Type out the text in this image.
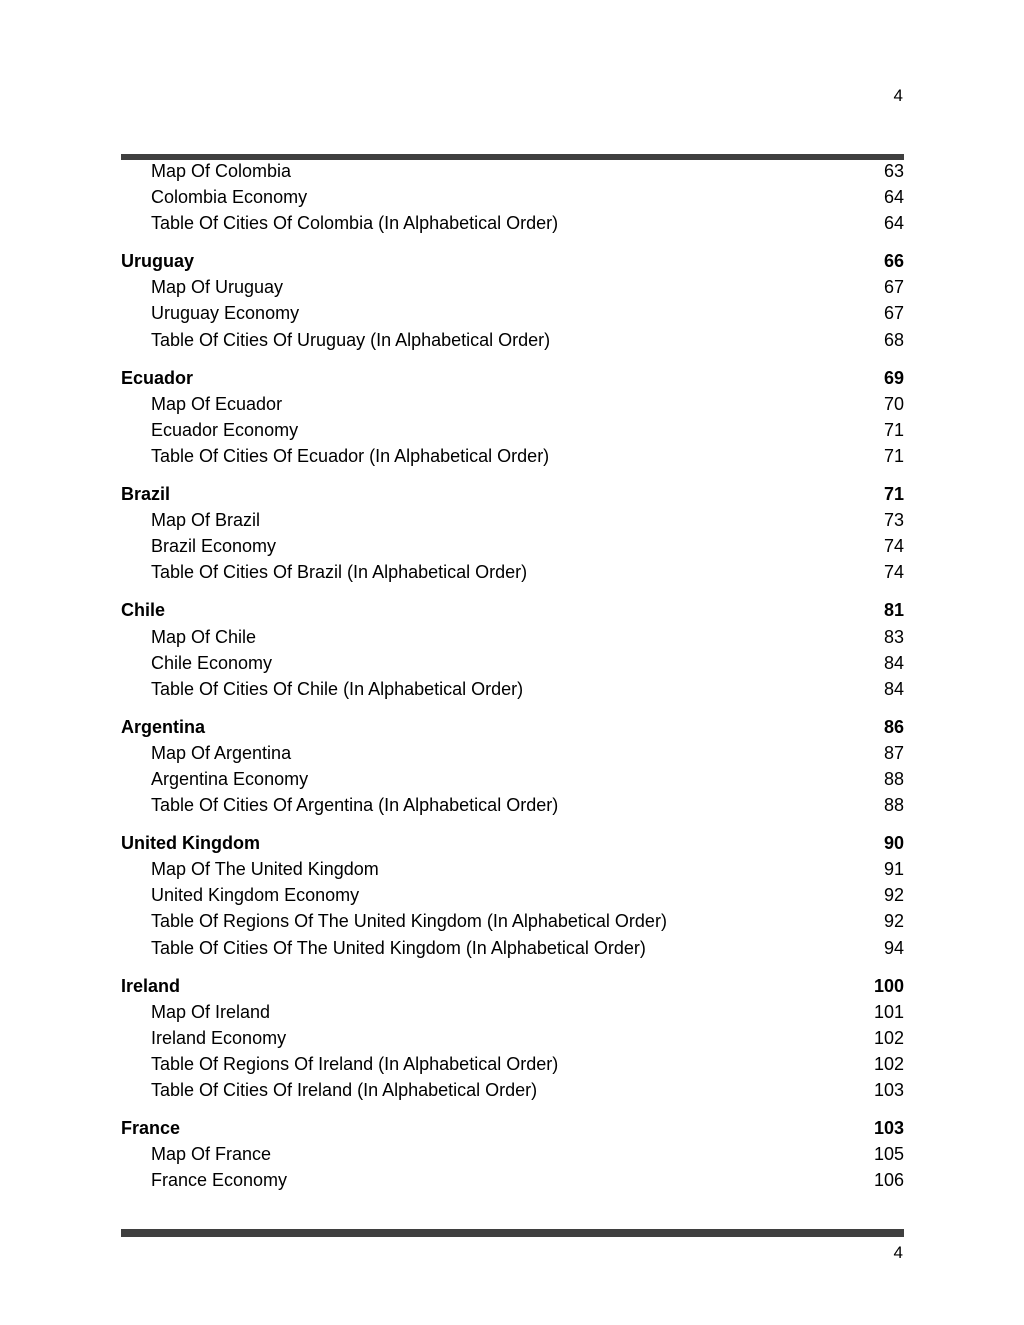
4
Map Of Colombia	63
Colombia Economy	64
Table Of Cities Of Colombia (In Alphabetical Order)	64
Uruguay	66
Map Of Uruguay	67
Uruguay Economy	67
Table Of Cities Of Uruguay (In Alphabetical Order)	68
Ecuador	69
Map Of Ecuador	70
Ecuador Economy	71
Table Of Cities Of Ecuador (In Alphabetical Order)	71
Brazil	71
Map Of Brazil	73
Brazil Economy	74
Table Of Cities Of Brazil (In Alphabetical Order)	74
Chile	81
Map Of Chile	83
Chile Economy	84
Table Of Cities Of Chile (In Alphabetical Order)	84
Argentina	86
Map Of Argentina	87
Argentina Economy	88
Table Of Cities Of Argentina (In Alphabetical Order)	88
United Kingdom	90
Map Of The United Kingdom	91
United Kingdom Economy	92
Table Of Regions Of The United Kingdom (In Alphabetical Order)	92
Table Of Cities Of The United Kingdom (In Alphabetical Order)	94
Ireland	100
Map Of Ireland	101
Ireland Economy	102
Table Of Regions Of Ireland (In Alphabetical Order)	102
Table Of Cities Of Ireland (In Alphabetical Order)	103
France	103
Map Of France	105
France Economy	106
4
